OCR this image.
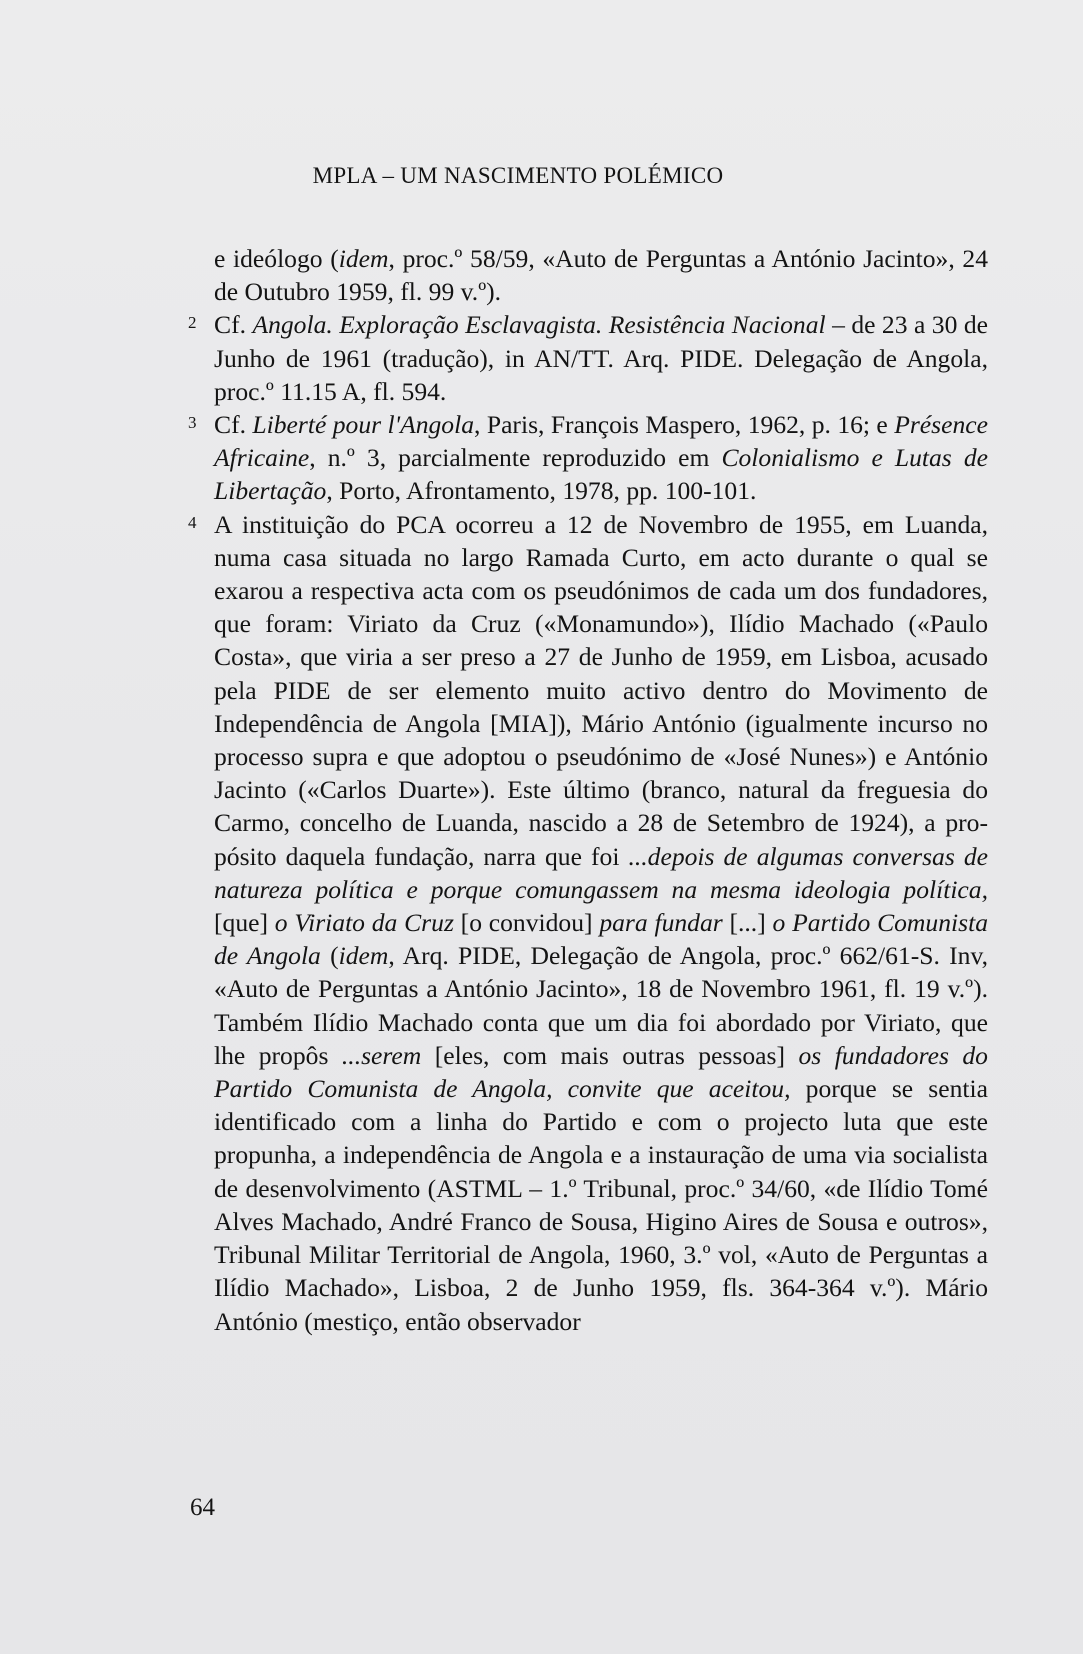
MPLA – UM NASCIMENTO POLÉMICO

e ideólogo (idem, proc.º 58/59, «Auto de Perguntas a António Jacinto», 24 de Outubro 1959, fl. 99 v.º).

2 Cf. Angola. Exploração Esclavagista. Resistência Nacional – de 23 a 30 de Junho de 1961 (tradução), in AN/TT. Arq. PIDE. Delegação de Angola, proc.º 11.15 A, fl. 594.

3 Cf. Liberté pour l'Angola, Paris, François Maspero, 1962, p. 16; e Présence Africaine, n.º 3, parcialmente reproduzido em Colonialismo e Lutas de Libertação, Porto, Afrontamento, 1978, pp. 100-101.

4 A instituição do PCA ocorreu a 12 de Novembro de 1955, em Luanda, numa casa situada no largo Ramada Curto, em acto durante o qual se exarou a respectiva acta com os pseudónimos de cada um dos fundadores, que foram: Viriato da Cruz («Monamundo»), Ilídio Machado («Paulo Costa», que viria a ser preso a 27 de Junho de 1959, em Lisboa, acusado pela PIDE de ser elemento muito activo dentro do Movimento de Independência de Angola [MIA]), Mário António (igualmente incurso no processo supra e que adoptou o pseudónimo de «José Nunes») e António Jacinto («Carlos Duarte»). Este último (branco, natural da freguesia do Carmo, concelho de Luanda, nascido a 28 de Setembro de 1924), a propósito daquela fundação, narra que foi ...depois de algumas conversas de natureza política e porque comungassem na mesma ideologia política, [que] o Viriato da Cruz [o convidou] para fundar [...] o Partido Comunista de Angola (idem, Arq. PIDE, Delegação de Angola, proc.º 662/61-S. Inv, «Auto de Perguntas a António Jacinto», 18 de Novembro 1961, fl. 19 v.º). Também Ilídio Machado conta que um dia foi abordado por Viriato, que lhe propôs ...serem [eles, com mais outras pessoas] os fundadores do Partido Comunista de Angola, convite que aceitou, porque se sentia identificado com a linha do Partido e com o projecto luta que este propunha, a independência de Angola e a instauração de uma via socialista de desenvolvimento (ASTML – 1.º Tribunal, proc.º 34/60, «de Ilídio Tomé Alves Machado, André Franco de Sousa, Higino Aires de Sousa e outros», Tribunal Militar Territorial de Angola, 1960, 3.º vol, «Auto de Perguntas a Ilídio Machado», Lisboa, 2 de Junho 1959, fls. 364-364 v.º). Mário António (mestiço, então observador

64
